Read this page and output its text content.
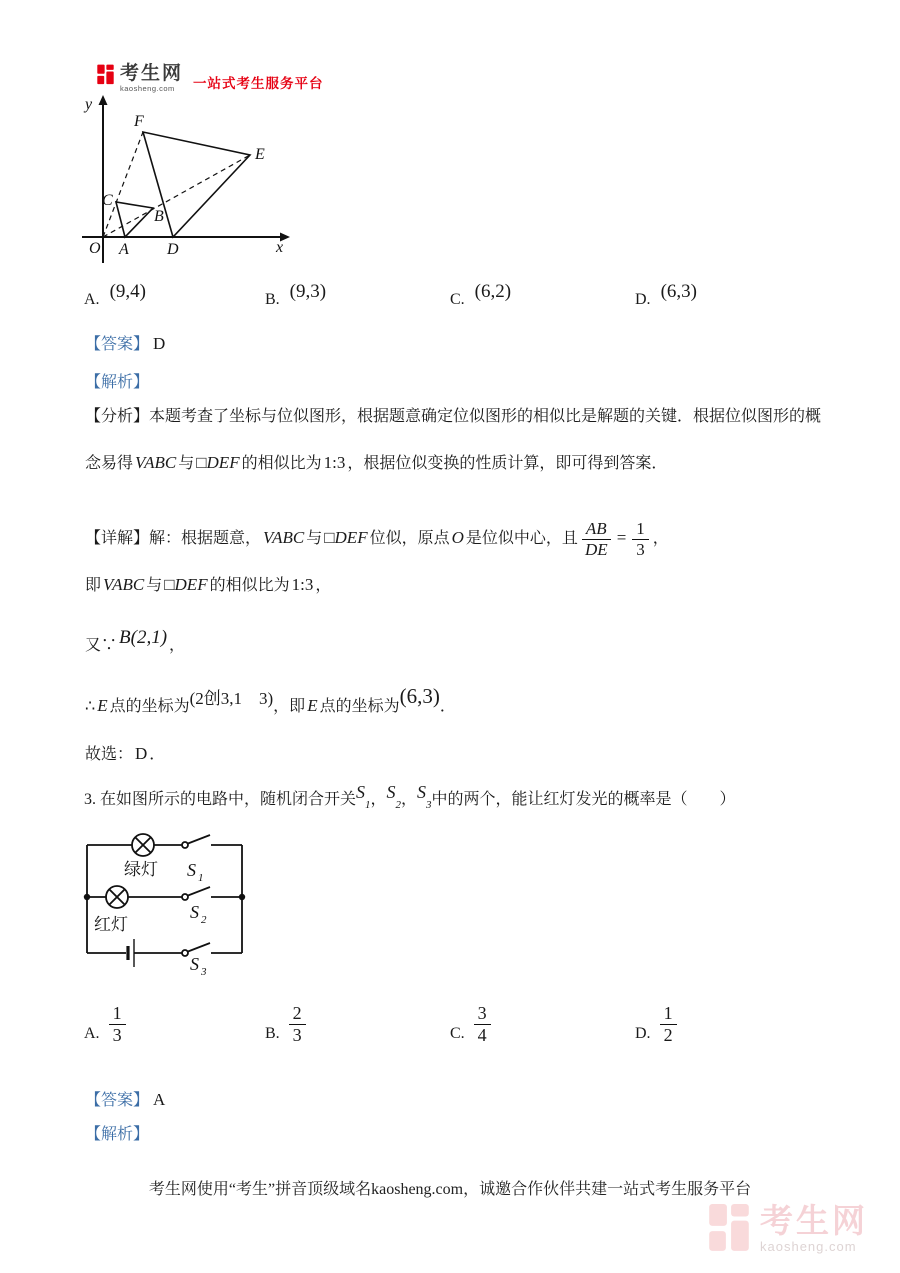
考生网
kaosheng.com	一站式考生服务平台
y
x
O A
B
C
D
E
F
A. (9,4)	B. (9,3)	C. (6,2)	D. (6,3)
【答案】 D
【解析】
【分析】本题考查了坐标与位似图形，根据题意确定位似图形的相似比是解题的关键．根据位似图形的概
念易得 VABC 与 □DEF 的相似比为 1:3 ，根据位似变换的性质计算，即可得到答案．
【详解】解：根据题意， VABC 与 □DEF 位似，原点 O 是位似中心，且 $\frac{AB}{DE} = \frac{1}{3}$ ，
即 VABC 与 □DEF 的相似比为 1:3 ，
又∵ B(2,1) ，
∴ E 点的坐标为(2创3,1　3)，即 E 点的坐标为(6,3)．
故选： D ．
3. 在如图所示的电路中，随机闭合开关$S_1$，$S_2$，$S_3$中的两个，能让红灯发光的概率是（　　）
绿灯
红灯
S 1
S 2
S 3
A. $\frac{1}{3}$	B. $\frac{2}{3}$	C. $\frac{3}{4}$	D. $\frac{1}{2}$
【答案】 A
【解析】
考生网使用“考生”拼音顶级域名kaosheng.com，诚邀合作伙伴共建一站式考生服务平台
考生网
kaosheng.com
